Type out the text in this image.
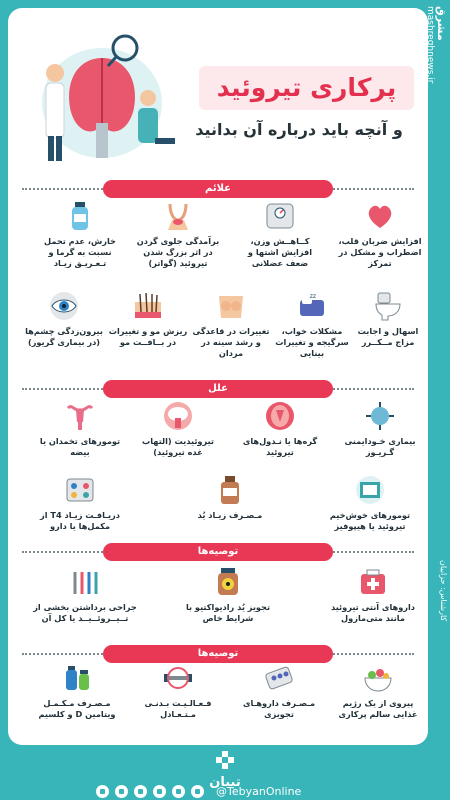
پرکاری تیروئید
و آنچه باید درباره آن بدانید
علائم
افزایش ضربان قلب، اضطراب و مشکل در تمرکز
کــاهــش وزن، افزایش اشتها و ضعف عضلانی
برآمدگی جلوی گردن در اثر بزرگ شدن تیروئید (گواتر)
خارش، عدم تحمل نسبت به گرما و تـعـریـق زیـاد
اسهال و اجابت مزاج مــکــرر
zz
مشکلات خواب، سرگیجه و تغییرات بینایی
تغییرات در قاعدگی و رشد سینه در مردان
ریزش مو و تغییرات در بــافــت مو
بیرون‌زدگی چشم‌ها (در بیماری گریوز)
علل
بیماری خـودایمنی گـریـوز
گره‌ها یا نـدول‌های تیروئید
تیروئیدیت (التهاب غده تیروئید)
تومورهای تخمدان یا بیضه
تومورهای خوش‌خیم تیروئید یا هیپوفیز
مـصـرف زیـاد یُد
دریـافـت زیـاد T4 از مکمل‌ها یا دارو
توصیه‌ها
داروهای آنتی تیروئید مانند متی‌مازول
تجویز یُد رادیواکتیو با شرایط خاص
جراحی برداشتن بخشی از تــیــروئــیــد یا کل آن
توصیه‌ها
پیروی از یک رژیم غذایی سالم پرکاری
مـصـرف داروهـای تجویزی
فـعـالـیـت بـدنـی مـتـعـادل
مـصـرف مـکـمـل ویتامین D و کلسیم
مشرق
mashreghnews.ir
کارشناس: حزابیان
تبیان
@TebyanOnline
